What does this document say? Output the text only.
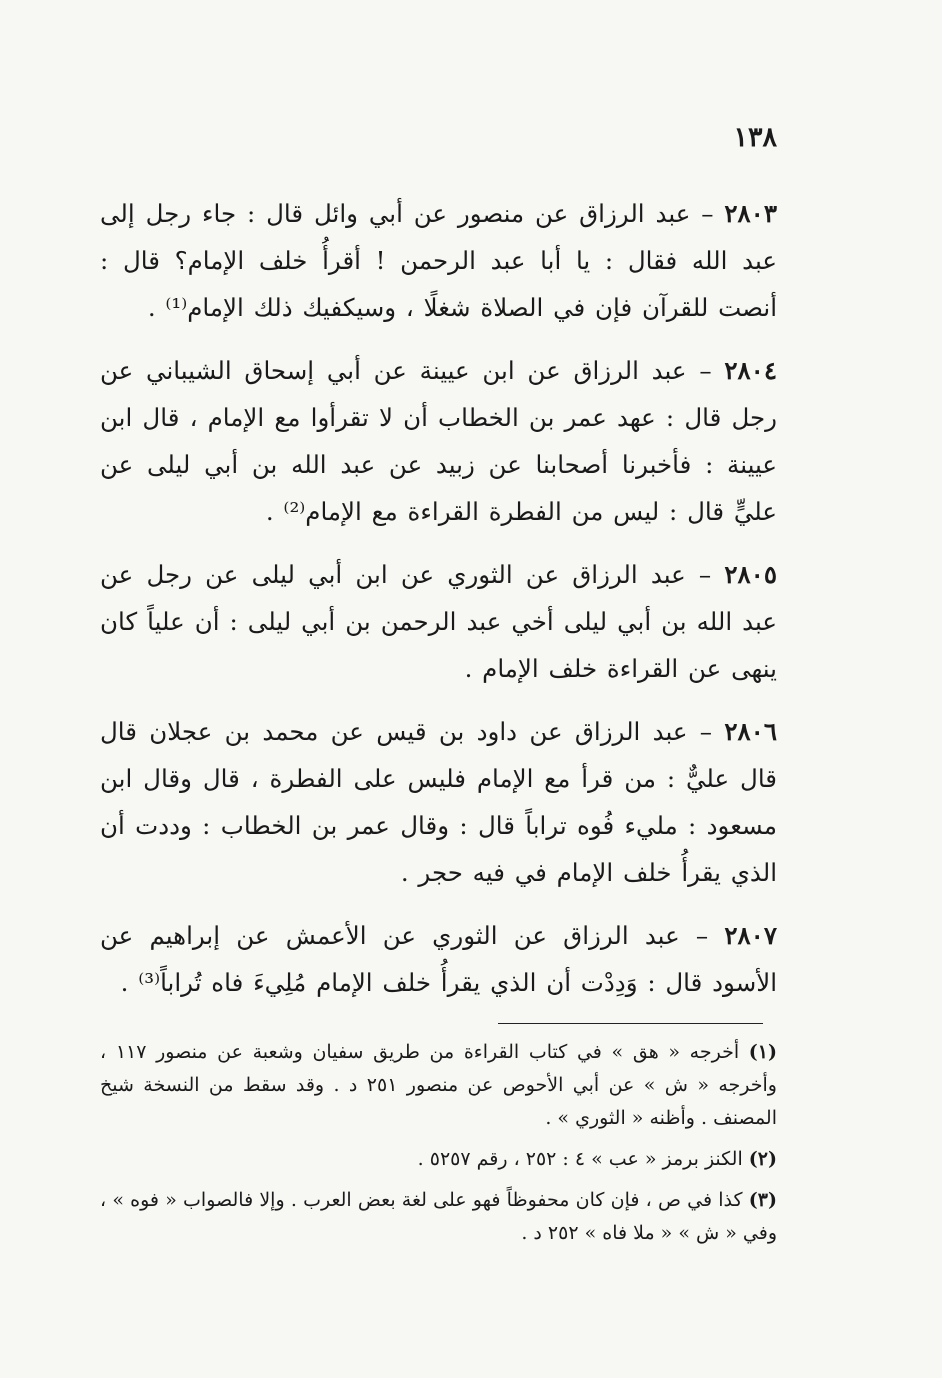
١٣٨

٢٨٠٣ – عبد الرزاق عن منصور عن أبي وائل قال : جاء رجل إلى عبد الله فقال : يا أبا عبد الرحمن ! أقرأُ خلف الإمام؟ قال : أنصت للقرآن فإن في الصلاة شغلًا ، وسيكفيك ذلك الإمام⁽¹⁾ .

٢٨٠٤ – عبد الرزاق عن ابن عيينة عن أبي إسحاق الشيباني عن رجل قال : عهد عمر بن الخطاب أن لا تقرأوا مع الإمام ، قال ابن عيينة : فأخبرنا أصحابنا عن زبيد عن عبد الله بن أبي ليلى عن عليٍّ قال : ليس من الفطرة القراءة مع الإمام⁽²⁾ .

٢٨٠٥ – عبد الرزاق عن الثوري عن ابن أبي ليلى عن رجل عن عبد الله بن أبي ليلى أخي عبد الرحمن بن أبي ليلى : أن علياً كان ينهى عن القراءة خلف الإمام .

٢٨٠٦ – عبد الرزاق عن داود بن قيس عن محمد بن عجلان قال قال عليٌّ : من قرأ مع الإمام فليس على الفطرة ، قال وقال ابن مسعود : مليء فُوه تراباً قال : وقال عمر بن الخطاب : وددت أن الذي يقرأُ خلف الإمام في فيه حجر .

٢٨٠٧ – عبد الرزاق عن الثوري عن الأعمش عن إبراهيم عن الأسود قال : وَدِدْت أن الذي يقرأُ خلف الإمام مُلِيءَ فاه تُراباً⁽³⁾ .

(١) أخرجه « هق » في كتاب القراءة من طريق سفيان وشعبة عن منصور ١١٧ ، وأخرجه « ش » عن أبي الأحوص عن منصور ٢٥١ د . وقد سقط من النسخة شيخ المصنف . وأظنه « الثوري » .

(٢) الكنز برمز « عب » ٤ : ٢٥٢ ، رقم ٥٢٥٧ .

(٣) كذا في ص ، فإن كان محفوظاً فهو على لغة بعض العرب . وإلا فالصواب « فوه » ، وفي « ش » « ملا فاه » ٢٥٢ د .
